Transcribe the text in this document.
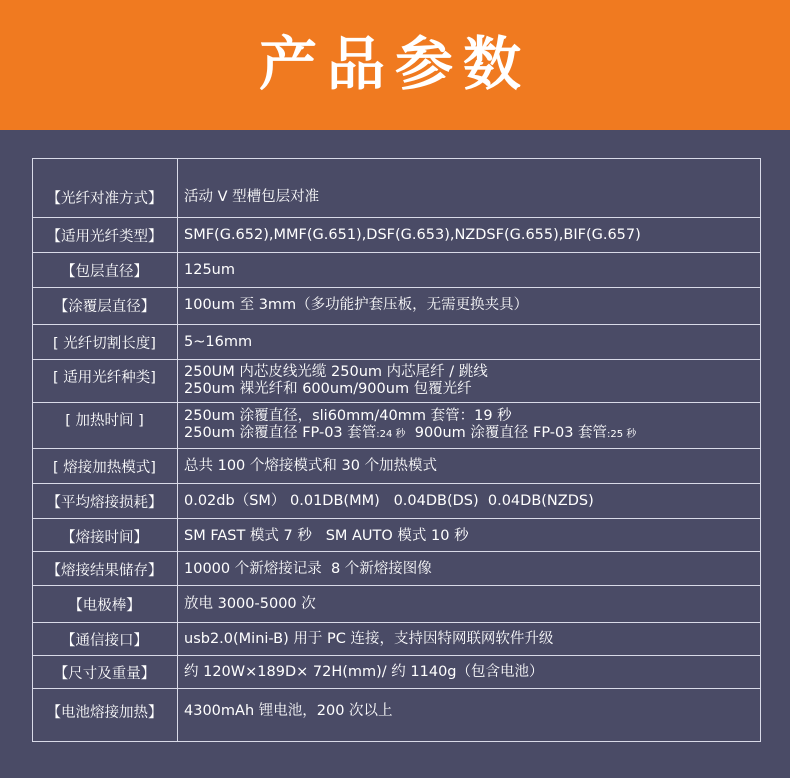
产品参数
【光纤对准方式】	活动 V 型槽包层对准
【适用光纤类型】	SMF(G.652),MMF(G.651),DSF(G.653),NZDSF(G.655),BIF(G.657)
【包层直径】	125um
【涂覆层直径】	100um 至 3mm（多功能护套压板，无需更换夹具）
[ 光纤切割长度]	5~16mm
[ 适用光纤种类]	250UM 内芯皮线光缆 250um 内芯尾纤 / 跳线
250um 裸光纤和 600um/900um 包覆光纤
[ 加热时间 ]	250um 涂覆直径，sli60mm/40mm 套管：19 秒
250um 涂覆直径 FP-03 套管:24 秒  900um 涂覆直径 FP-03 套管:25 秒
[ 熔接加热模式]	总共 100 个熔接模式和 30 个加热模式
【平均熔接损耗】	0.02db（SM） 0.01DB(MM)   0.04DB(DS)  0.04DB(NZDS)
【熔接时间】	SM FAST 模式 7 秒   SM AUTO 模式 10 秒
【熔接结果储存】	10000 个新熔接记录  8 个新熔接图像
【电极棒】	放电 3000-5000 次
【通信接口】	usb2.0(Mini-B) 用于 PC 连接，支持因特网联网软件升级
【尺寸及重量】	约 120W×189D× 72H(mm)/ 约 1140g（包含电池）
【电池熔接加热】	4300mAh 锂电池，200 次以上
